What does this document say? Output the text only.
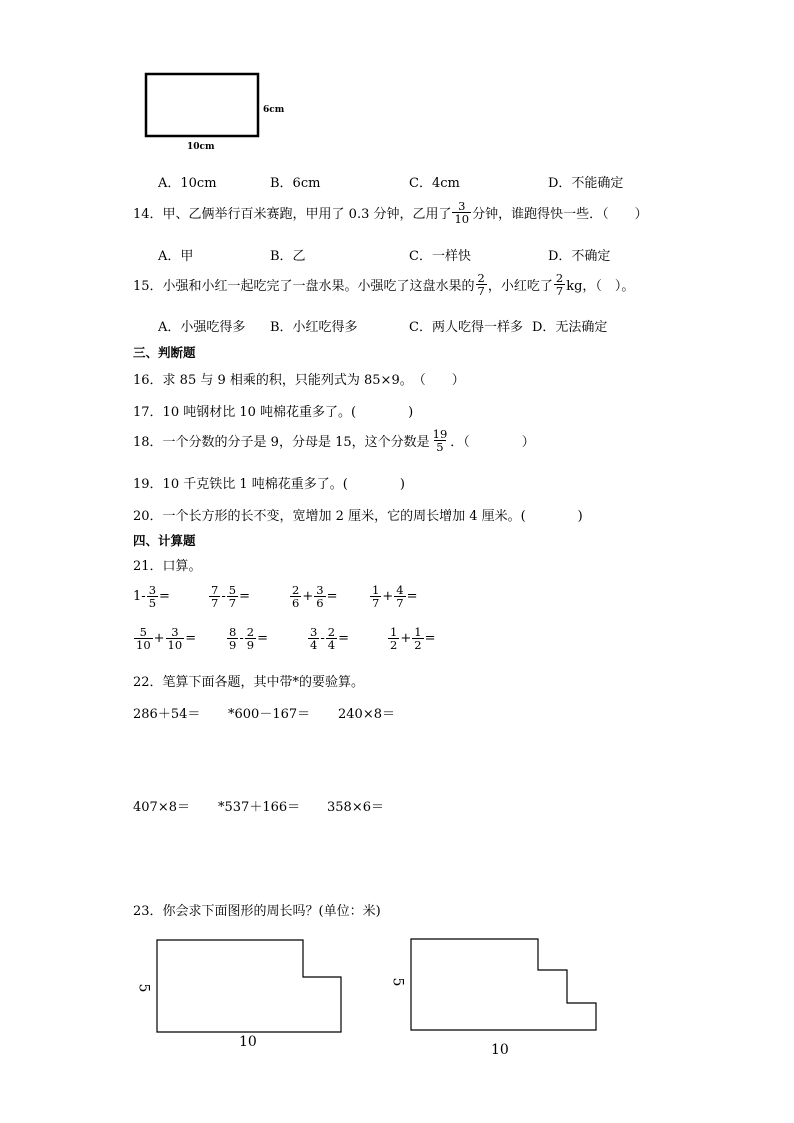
6cm
10cm
A．10cm	B．6cm	C．4cm	D．不能确定
14．甲、乙俩举行百米赛跑，甲用了 0.3 分钟，乙用了 $\frac{3}{10}$ 分钟，谁跑得快一些．（　　）
A．甲	B．乙	C．一样快	D．不确定
15．小强和小红一起吃完了一盘水果。小强吃了这盘水果的 $\frac{2}{7}$ ，小红吃了 $\frac{2}{7}$ kg，（　）。
A．小强吃得多 B．小红吃得多	C．两人吃得一样多 D．无法确定
三、判断题
16．求 85 与 9 相乘的积，只能列式为 85×9。　（　　）
17．10 吨钢材比 10 吨棉花重多了。(　　　　)
18．一个分数的分子是 9，分母是 15，这个分数是 $\frac{19}{5}$ ．（　　　　）
19．10 千克铁比 1 吨棉花重多了。(　　　　)
20．一个长方形的长不变，宽增加 2 厘米，它的周长增加 4 厘米。(　　　　)
四、计算题
21．口算。
$1- \frac{3}{5}$ =	$\frac{7}{7} - \frac{5}{7}$ =	$\frac{2}{6} + \frac{3}{6}$ =	$\frac{1}{7} + \frac{4}{7}$ =
$\frac{5}{10} + \frac{3}{10}$ =	$\frac{8}{9} - \frac{2}{9}$ =	$\frac{3}{4} - \frac{2}{4}$ =	$\frac{1}{2} + \frac{1}{2}$ =
22．笔算下面各题，其中带*的要验算。
286＋54＝ *600－167＝ 240×8＝
407×8＝ *537＋166＝ 358×6＝
23．你会求下面图形的周长吗？(单位：米)
5
10
5
10
